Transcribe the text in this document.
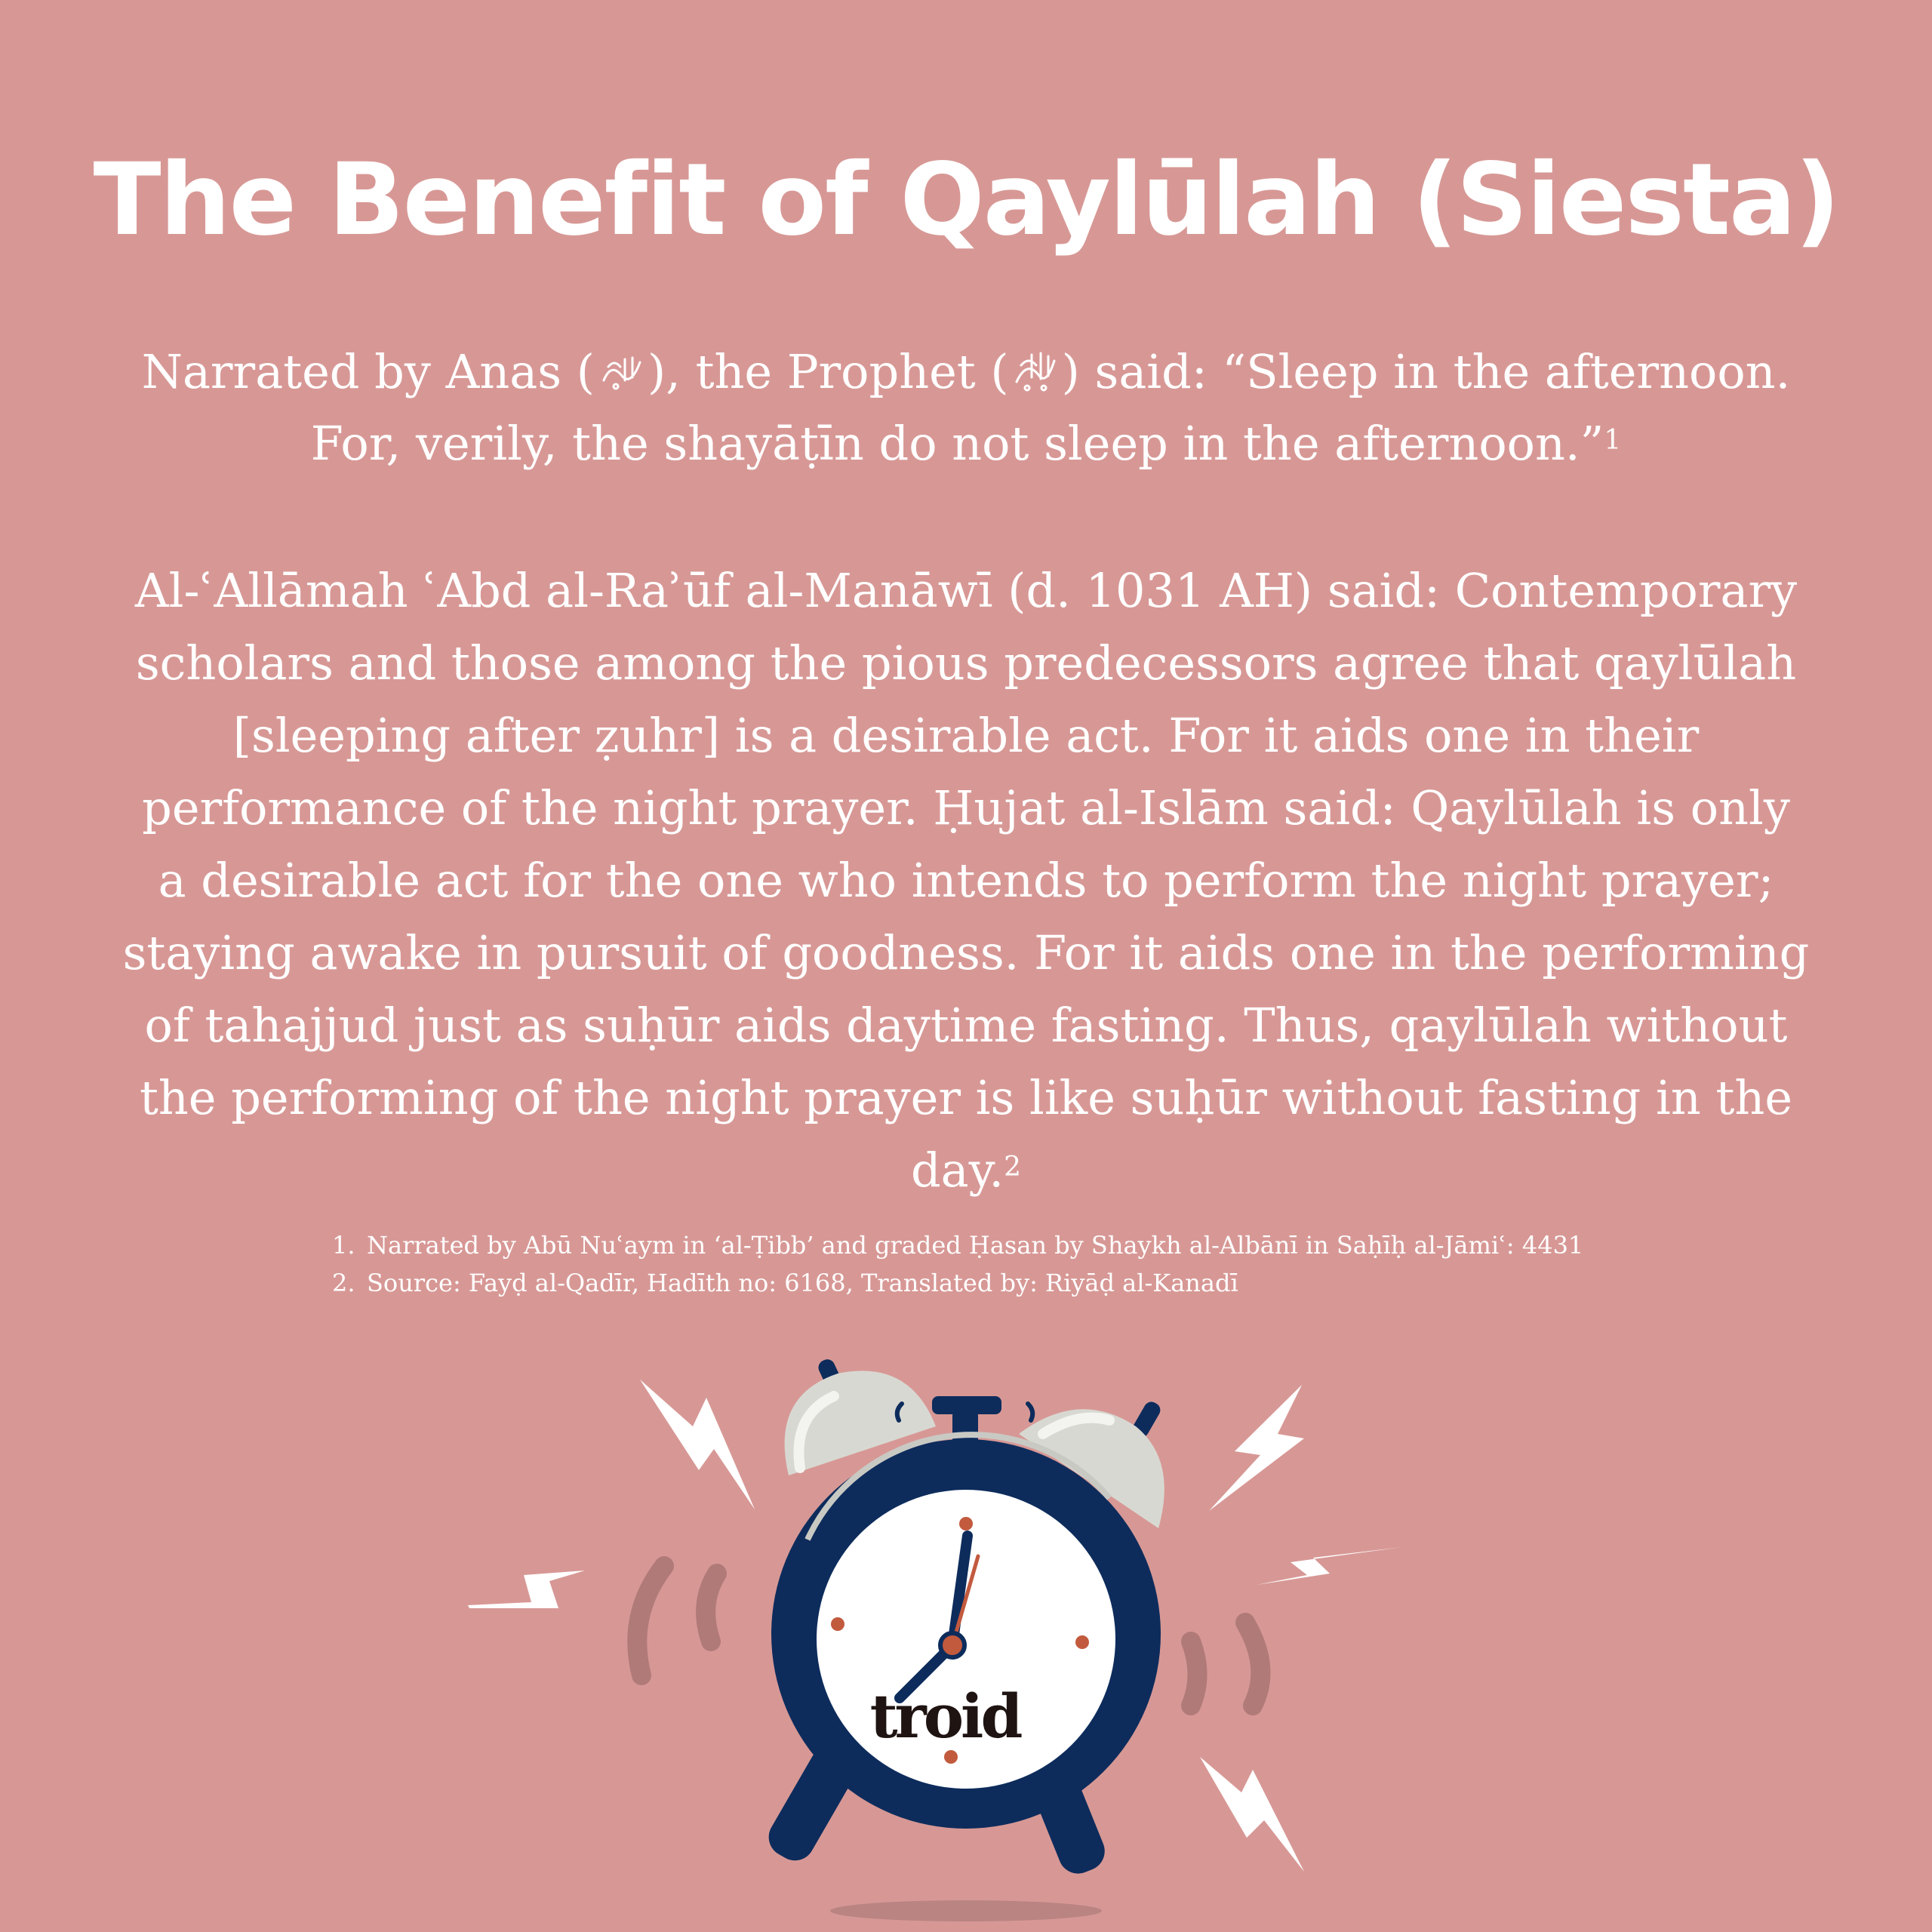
The Benefit of Qaylūlah (Siesta)

Narrated by Anas ( ), the Prophet ( ) said: “Sleep in the afternoon. For, verily, the shayāṭīn do not sleep in the afternoon.”$^1$

Al-ʿAllāmah ʿAbd al-Raʾūf al-Manāwī (d. 1031 AH) said: Contemporary scholars and those among the pious predecessors agree that qaylūlah [sleeping after ẓuhr] is a desirable act. For it aids one in their performance of the night prayer. Ḥujat al-Islām said: Qaylūlah is only a desirable act for the one who intends to perform the night prayer; staying awake in pursuit of goodness. For it aids one in the performing of tahajjud just as suḥūr aids daytime fasting. Thus, qaylūlah without the performing of the night prayer is like suḥūr without fasting in the day.$^2$

1. Narrated by Abū Nuʿaym in ‘al-Ṭibb’ and graded Ḥasan by Shaykh al-Albānī in Saḥīḥ al-Jāmiʿ: 4431
2. Source: Fayḍ al-Qadīr, Hadīth no: 6168, Translated by: Riyāḍ al-Kanadī
troid
